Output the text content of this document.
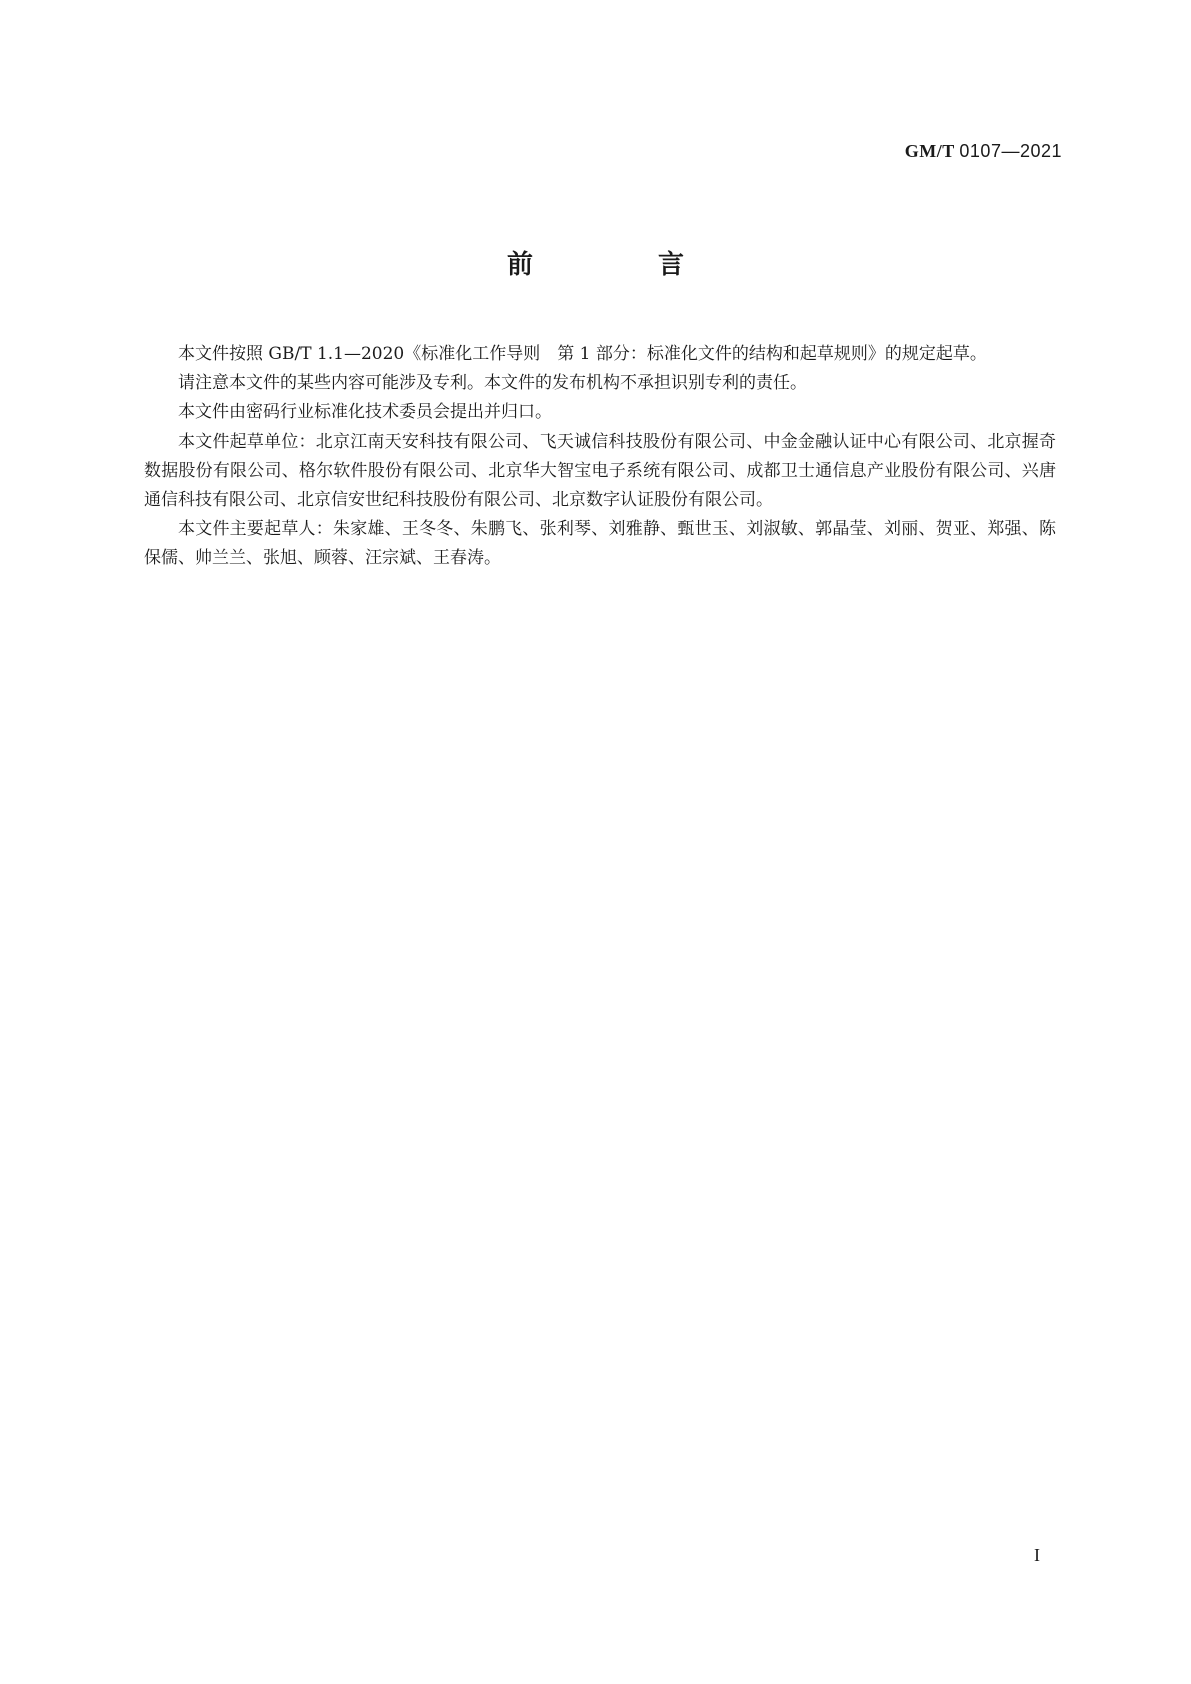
GM/T 0107—2021
前 言

本文件按照 GB/T 1.1—2020《标准化工作导则　第 1 部分：标准化文件的结构和起草规则》的规定起草。

请注意本文件的某些内容可能涉及专利。本文件的发布机构不承担识别专利的责任。

本文件由密码行业标准化技术委员会提出并归口。

本文件起草单位：北京江南天安科技有限公司、飞天诚信科技股份有限公司、中金金融认证中心有限公司、北京握奇数据股份有限公司、格尔软件股份有限公司、北京华大智宝电子系统有限公司、成都卫士通信息产业股份有限公司、兴唐通信科技有限公司、北京信安世纪科技股份有限公司、北京数字认证股份有限公司。

本文件主要起草人：朱家雄、王冬冬、朱鹏飞、张利琴、刘雅静、甄世玉、刘淑敏、郭晶莹、刘丽、贺亚、郑强、陈保儒、帅兰兰、张旭、顾蓉、汪宗斌、王春涛。

I
